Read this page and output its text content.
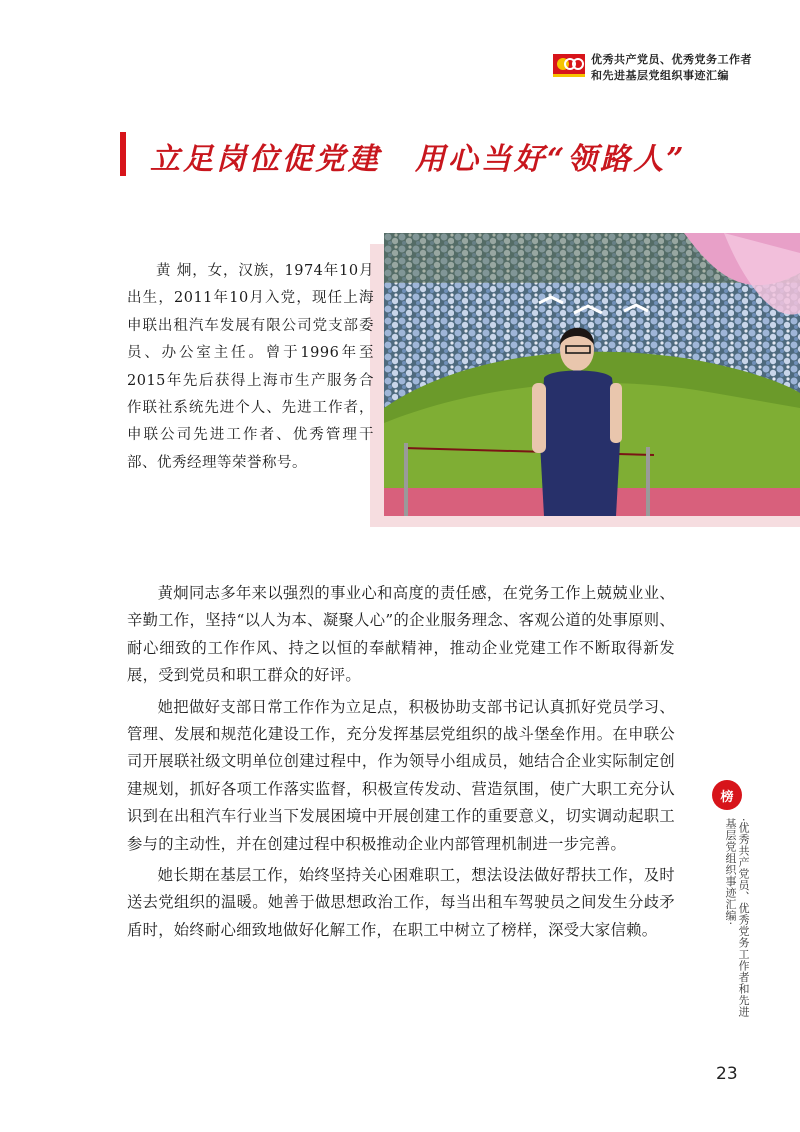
优秀共产党员、优秀党务工作者
和先进基层党组织事迹汇编
立足岗位促党建 用心当好“领路人”

黄 炯，女，汉族，1974年10月出生，2011年10月入党，现任上海申联出租汽车发展有限公司党支部委员、办公室主任。曾于1996年至2015年先后获得上海市生产服务合作联社系统先进个人、先进工作者，申联公司先进工作者、优秀管理干部、优秀经理等荣誉称号。

黄炯同志多年来以强烈的事业心和高度的责任感，在党务工作上兢兢业业、辛勤工作，坚持“以人为本、凝聚人心”的企业服务理念、客观公道的处事原则、耐心细致的工作作风、持之以恒的奉献精神，推动企业党建工作不断取得新发展，受到党员和职工群众的好评。

她把做好支部日常工作作为立足点，积极协助支部书记认真抓好党员学习、管理、发展和规范化建设工作，充分发挥基层党组织的战斗堡垒作用。在申联公司开展联社级文明单位创建过程中，作为领导小组成员，她结合企业实际制定创建规划，抓好各项工作落实监督，积极宣传发动、营造氛围，使广大职工充分认识到在出租汽车行业当下发展困境中开展创建工作的重要意义，切实调动起职工参与的主动性，并在创建过程中积极推动企业内部管理机制进一步完善。

她长期在基层工作，始终坚持关心困难职工，想法设法做好帮扶工作，及时送去党组织的温暖。她善于做思想政治工作，每当出租车驾驶员之间发生分歧矛盾时，始终耐心细致地做好化解工作，在职工中树立了榜样，深受大家信赖。

榜
·优秀共产党员、优秀党务工作者和先进基层党组织事迹汇编·
23
